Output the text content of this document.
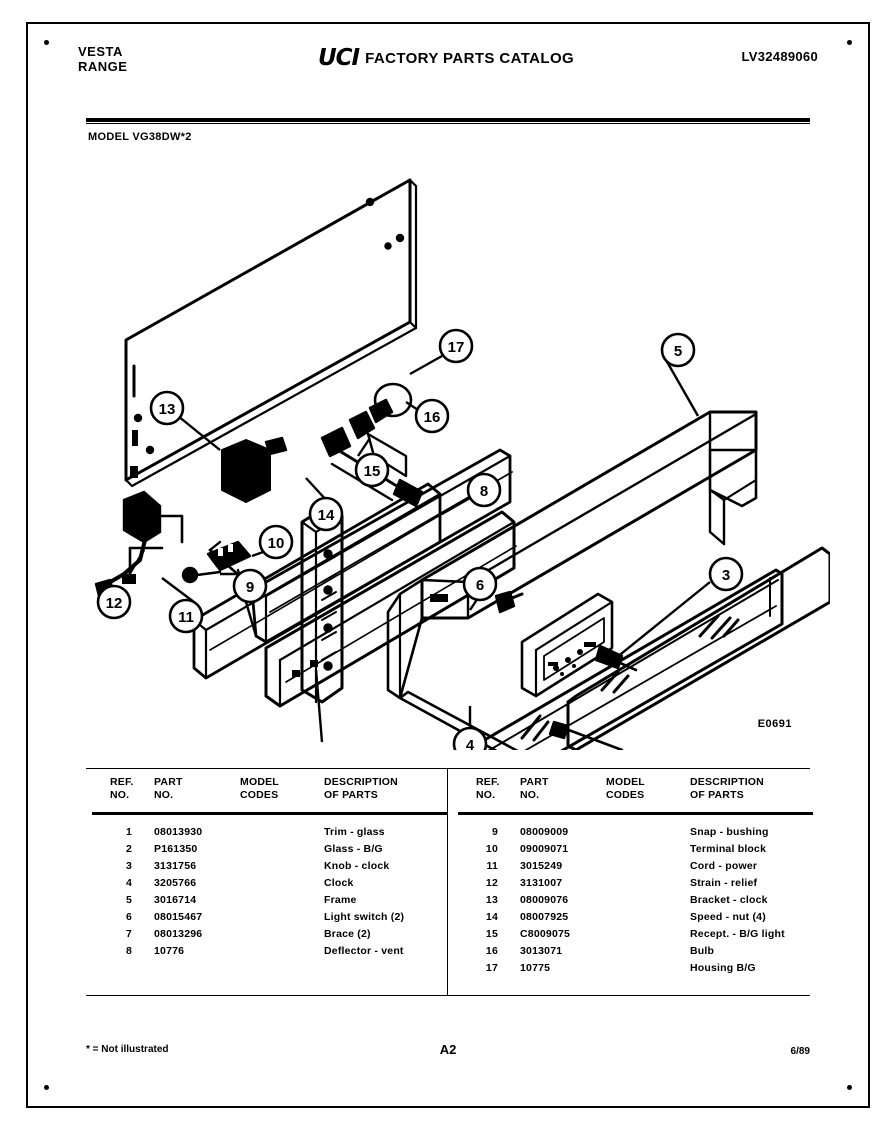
VESTA
RANGE	UCI FACTORY PARTS CATALOG	LV32489060
MODEL VG38DW*2
17
13	16
15
14
10
9
11
12
8
5
6
4
3
E0691
REF.
NO.
PART
NO.
MODEL
CODES
DESCRIPTION
OF PARTS
1 08013930	Trim - glass
2 P161350	Glass - B/G
3 3131756	Knob - clock
4 3205766	Clock
5 3016714	Frame
6 08015467	Light switch (2)
7 08013296	Brace (2)
8 10776	Deflector - vent
REF.
NO.
PART
NO.
MODEL
CODES
DESCRIPTION
OF PARTS
9 08009009	Snap - bushing
10 09009071	Terminal block
11 3015249	Cord - power
12 3131007	Strain - relief
13 08009076	Bracket - clock
14 08007925	Speed - nut (4)
15 C8009075	Recept. - B/G light
16 3013071	Bulb
17 10775	Housing B/G
* = Not illustrated	A2	6/89
